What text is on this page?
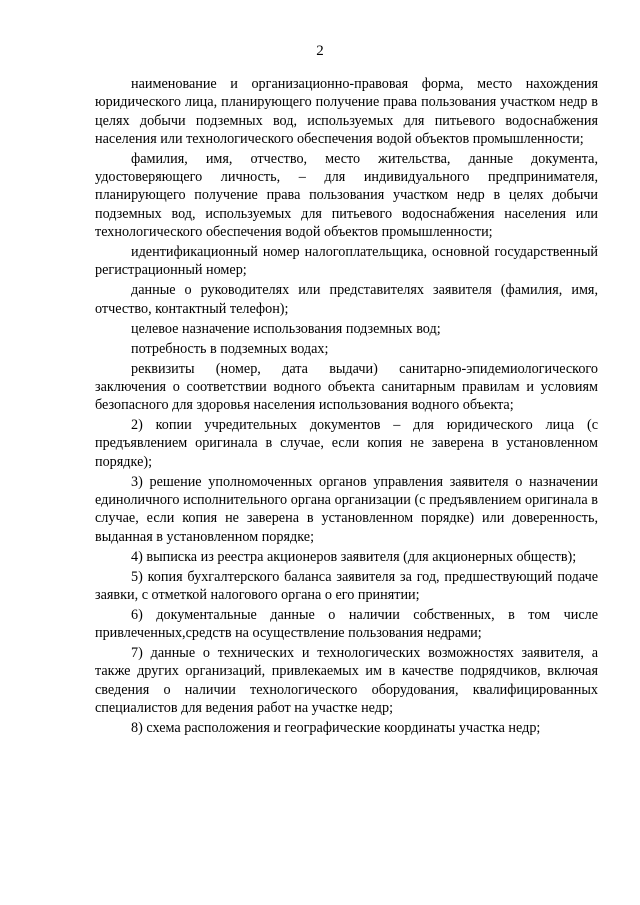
2

наименование и организационно-правовая форма, место нахождения юридического лица, планирующего получение права пользования участком недр в целях добычи подземных вод, используемых для питьевого водоснабжения населения или технологического обеспечения водой объектов промышленности;

фамилия, имя, отчество, место жительства, данные документа, удостоверяющего личность, – для индивидуального предпринимателя, планирующего получение права пользования участком недр в целях добычи подземных вод, используемых для питьевого водоснабжения населения или технологического обеспечения водой объектов промышленности;

идентификационный номер налогоплательщика, основной государственный регистрационный номер;

данные о руководителях или представителях заявителя (фамилия, имя, отчество, контактный телефон);

целевое назначение использования подземных вод;

потребность в подземных водах;

реквизиты (номер, дата выдачи) санитарно-эпидемиологического заключения о соответствии водного объекта санитарным правилам и условиям безопасного для здоровья населения использования водного объекта;

2) копии учредительных документов – для юридического лица (с предъявлением оригинала в случае, если копия не заверена в установленном порядке);

3) решение уполномоченных органов управления заявителя о назначении единоличного исполнительного органа организации (с предъявлением оригинала в случае, если копия не заверена в установленном порядке) или доверенность, выданная в установленном порядке;

4) выписка из реестра акционеров заявителя (для акционерных обществ);

5) копия бухгалтерского баланса заявителя за год, предшествующий подаче заявки, с отметкой налогового органа о его принятии;

6) документальные данные о наличии собственных, в том числе привлеченных,средств на осуществление пользования недрами;

7) данные о технических и технологических возможностях заявителя, а также других организаций, привлекаемых им в качестве подрядчиков, включая сведения о наличии технологического оборудования, квалифицированных специалистов для ведения работ на участке недр;

8) схема расположения и географические координаты участка недр;
